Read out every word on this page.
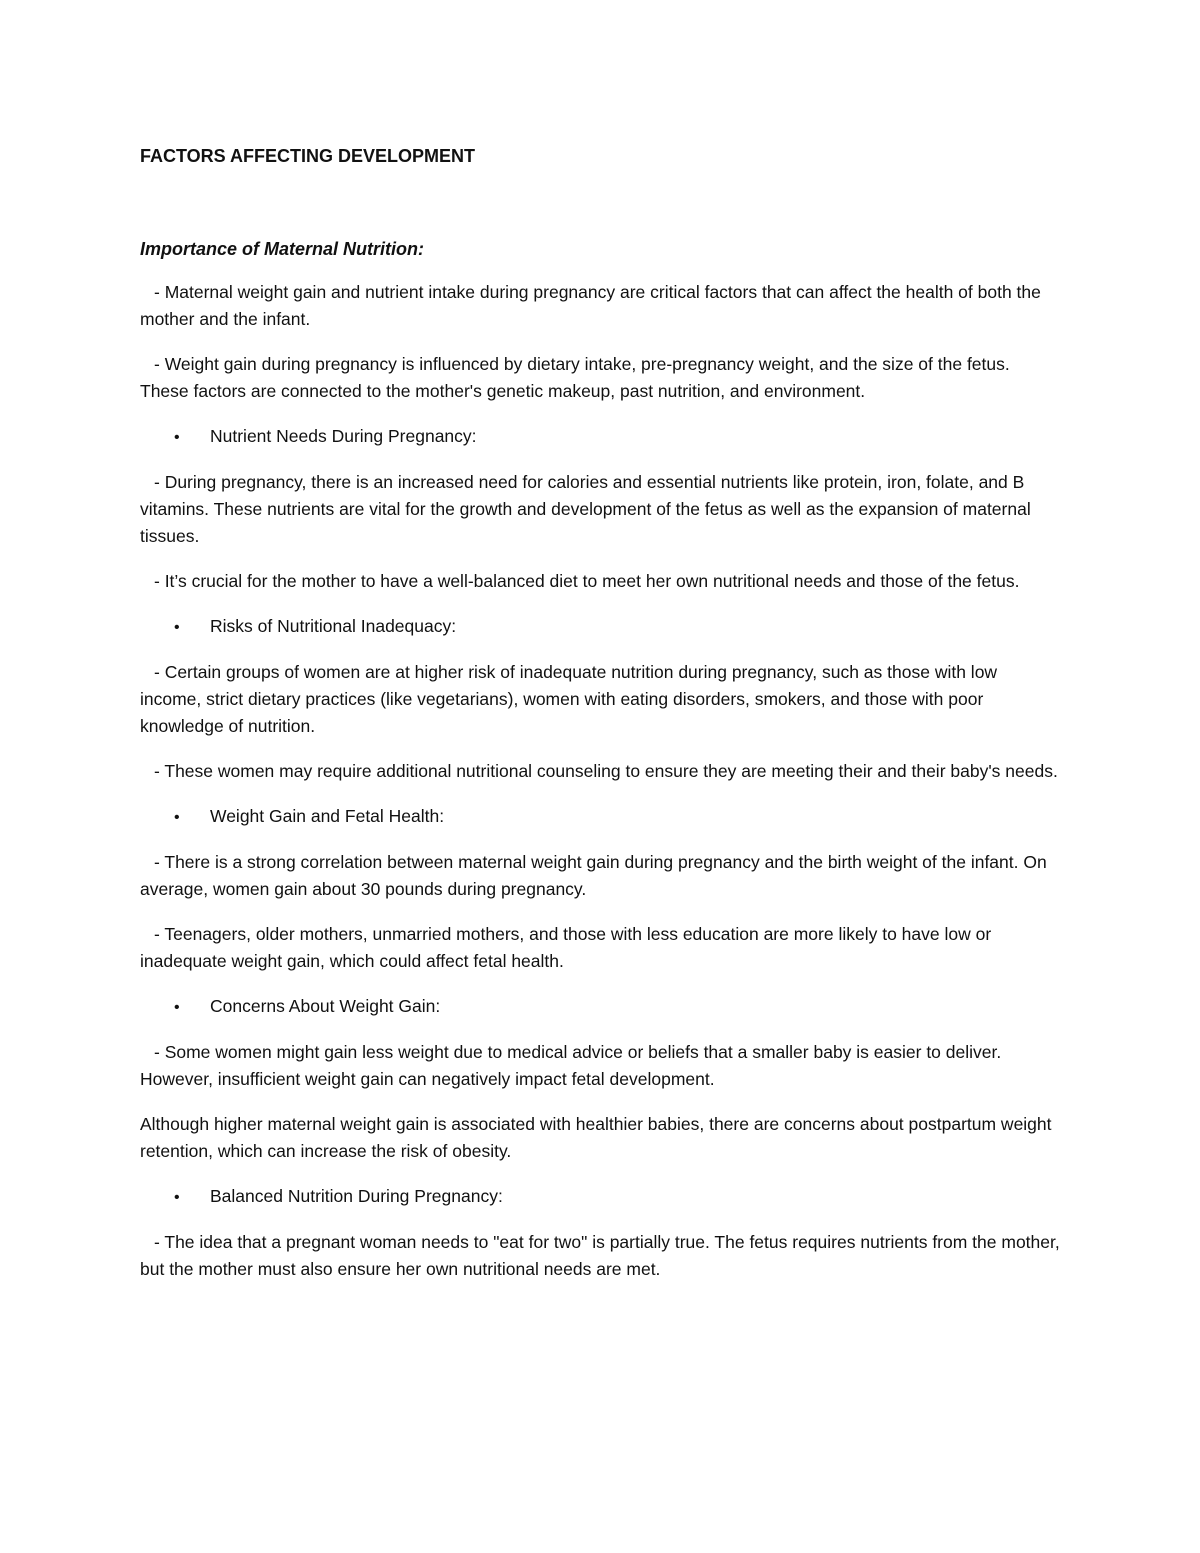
FACTORS AFFECTING DEVELOPMENT
Importance of Maternal Nutrition:

- Maternal weight gain and nutrient intake during pregnancy are critical factors that can affect the health of both the mother and the infant.

- Weight gain during pregnancy is influenced by dietary intake, pre-pregnancy weight, and the size of the fetus. These factors are connected to the mother's genetic makeup, past nutrition, and environment.

•	Nutrient Needs During Pregnancy:

- During pregnancy, there is an increased need for calories and essential nutrients like protein, iron, folate, and B vitamins. These nutrients are vital for the growth and development of the fetus as well as the expansion of maternal tissues.

- It’s crucial for the mother to have a well-balanced diet to meet her own nutritional needs and those of the fetus.

•	Risks of Nutritional Inadequacy:

- Certain groups of women are at higher risk of inadequate nutrition during pregnancy, such as those with low income, strict dietary practices (like vegetarians), women with eating disorders, smokers, and those with poor knowledge of nutrition.

- These women may require additional nutritional counseling to ensure they are meeting their and their baby's needs.

•	Weight Gain and Fetal Health:

- There is a strong correlation between maternal weight gain during pregnancy and the birth weight of the infant. On average, women gain about 30 pounds during pregnancy.

- Teenagers, older mothers, unmarried mothers, and those with less education are more likely to have low or inadequate weight gain, which could affect fetal health.

•	Concerns About Weight Gain:

- Some women might gain less weight due to medical advice or beliefs that a smaller baby is easier to deliver. However, insufficient weight gain can negatively impact fetal development.

Although higher maternal weight gain is associated with healthier babies, there are concerns about postpartum weight retention, which can increase the risk of obesity.

•	Balanced Nutrition During Pregnancy:

- The idea that a pregnant woman needs to "eat for two" is partially true. The fetus requires nutrients from the mother, but the mother must also ensure her own nutritional needs are met.
